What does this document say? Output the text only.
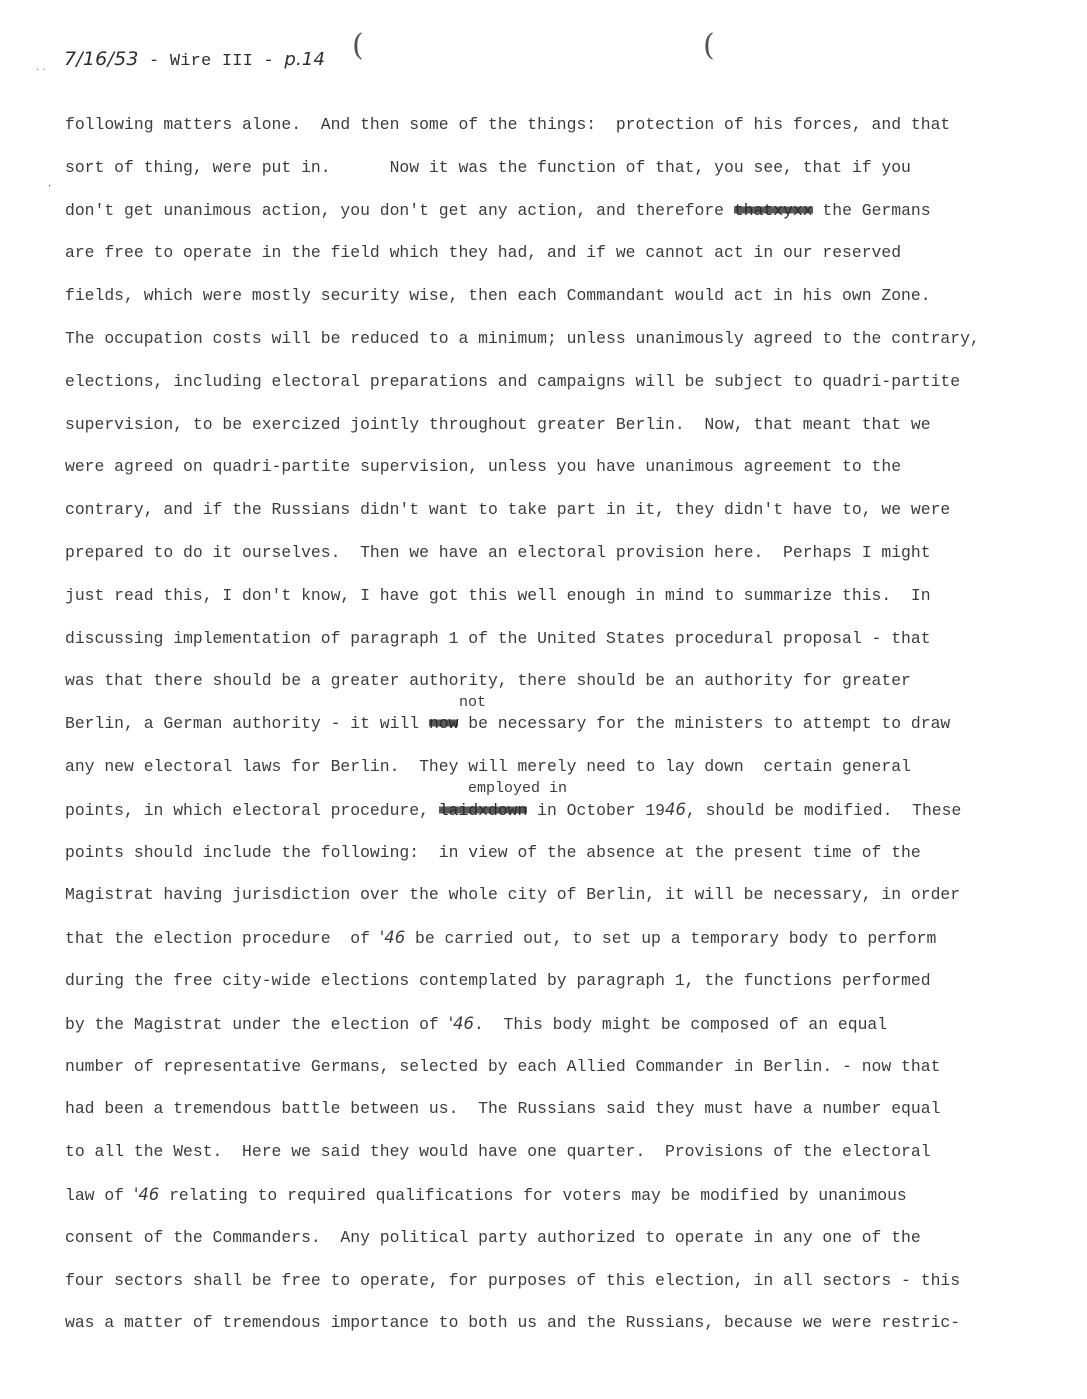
7/16/53 - Wire III - p.14 (	(
. .
,
following matters alone.  And then some of the things:  protection of his forces, and that
sort of thing, were put in.      Now it was the function of that, you see, that if you
don't get unanimous action, you don't get any action, and therefore thatxyxx the Germans
are free to operate in the field which they had, and if we cannot act in our reserved
fields, which were mostly security wise, then each Commandant would act in his own Zone.
The occupation costs will be reduced to a minimum; unless unanimously agreed to the contrary,
elections, including electoral preparations and campaigns will be subject to quadri-partite
supervision, to be exercized jointly throughout greater Berlin.  Now, that meant that we
were agreed on quadri-partite supervision, unless you have unanimous agreement to the
contrary, and if the Russians didn't want to take part in it, they didn't have to, we were
prepared to do it ourselves.  Then we have an electoral provision here.  Perhaps I might
just read this, I don't know, I have got this well enough in mind to summarize this.  In
discussing implementation of paragraph 1 of the United States procedural proposal - that
was that there should be a greater authority, there should be an authority for greater
not
Berlin, a German authority - it will now be necessary for the ministers to attempt to draw
any new electoral laws for Berlin.  They will merely need to lay down  certain general
employed in
points, in which electoral procedure, laidxdown in October 1946, should be modified.  These
points should include the following:  in view of the absence at the present time of the
Magistrat having jurisdiction over the whole city of Berlin, it will be necessary, in order
that the election procedure  of '46 be carried out, to set up a temporary body to perform
during the free city-wide elections contemplated by paragraph 1, the functions performed
by the Magistrat under the election of '46.  This body might be composed of an equal
number of representative Germans, selected by each Allied Commander in Berlin. - now that
had been a tremendous battle between us.  The Russians said they must have a number equal
to all the West.  Here we said they would have one quarter.  Provisions of the electoral
law of '46 relating to required qualifications for voters may be modified by unanimous
consent of the Commanders.  Any political party authorized to operate in any one of the
four sectors shall be free to operate, for purposes of this election, in all sectors - this
was a matter of tremendous importance to both us and the Russians, because we were restric-
